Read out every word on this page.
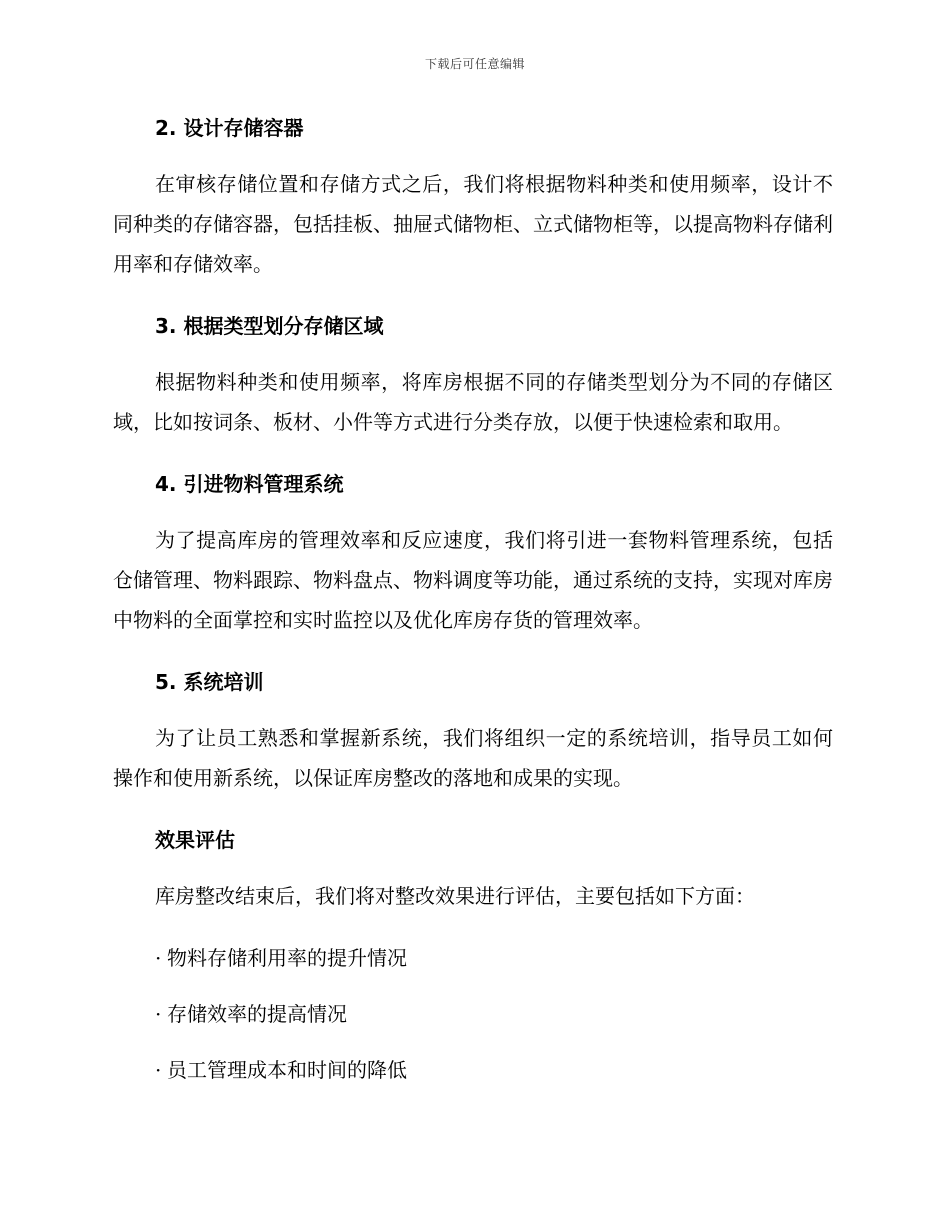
下载后可任意编辑
2. 设计存储容器

在审核存储位置和存储方式之后，我们将根据物料种类和使用频率，设计不同种类的存储容器，包括挂板、抽屉式储物柜、立式储物柜等，以提高物料存储利用率和存储效率。

3. 根据类型划分存储区域

根据物料种类和使用频率，将库房根据不同的存储类型划分为不同的存储区域，比如按词条、板材、小件等方式进行分类存放，以便于快速检索和取用。

4. 引进物料管理系统

为了提高库房的管理效率和反应速度，我们将引进一套物料管理系统，包括仓储管理、物料跟踪、物料盘点、物料调度等功能，通过系统的支持，实现对库房中物料的全面掌控和实时监控以及优化库房存货的管理效率。

5. 系统培训

为了让员工熟悉和掌握新系统，我们将组织一定的系统培训，指导员工如何操作和使用新系统，以保证库房整改的落地和成果的实现。

效果评估

库房整改结束后，我们将对整改效果进行评估，主要包括如下方面：

· 物料存储利用率的提升情况
· 存储效率的提高情况
· 员工管理成本和时间的降低
